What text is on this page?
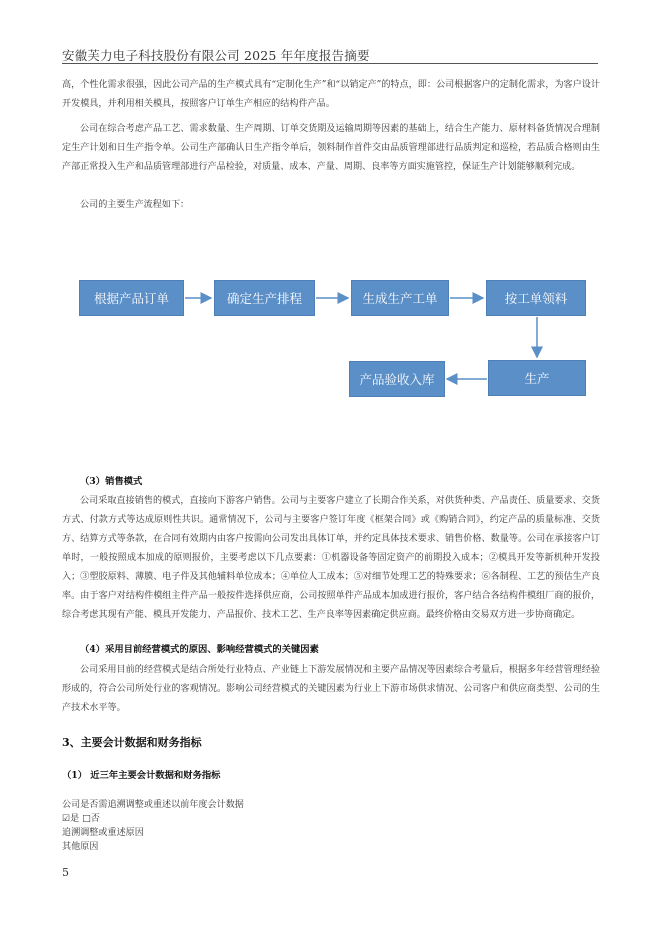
安徽芙力电子科技股份有限公司 2025 年年度报告摘要

高，个性化需求很强，因此公司产品的生产模式具有“定制化生产”和“以销定产”的特点，即：公司根据客户的定制化需求，为客户设计开发模具，并利用相关模具，按照客户订单生产相应的结构件产品。

公司在综合考虑产品工艺、需求数量、生产周期、订单交货期及运输周期等因素的基础上，结合生产能力、原材料备货情况合理制定生产计划和日生产指令单。公司生产部确认日生产指令单后，领料制作首件交由品质管理部进行品质判定和巡检，若品质合格则由生产部正常投入生产和品质管理部进行产品检验，对质量、成本、产量、周期、良率等方面实施管控，保证生产计划能够顺利完成。

公司的主要生产流程如下：

根据产品订单	确定生产排程	生成生产工单	按工单领料
生产
产品验收入库
（3）销售模式

公司采取直接销售的模式，直接向下游客户销售。公司与主要客户建立了长期合作关系，对供货种类、产品责任、质量要求、交货方式、付款方式等达成原则性共识。通常情况下，公司与主要客户签订年度《框架合同》或《购销合同》，约定产品的质量标准、交货方、结算方式等条款，在合同有效期内由客户按需向公司发出具体订单，并约定具体技术要求、销售价格、数量等。公司在承接客户订单时，一般按照成本加成的原则报价，主要考虑以下几点要素：①机器设备等固定资产的前期投入成本；②模具开发等新机种开发投入；③塑胶原料、薄膜、电子件及其他辅料单位成本；④单位人工成本；⑤对细节处理工艺的特殊要求；⑥各制程、工艺的预估生产良率。由于客户对结构件模组主件产品一般按件选择供应商，公司按照单件产品成本加成进行报价，客户结合各结构件模组厂商的报价，综合考虑其现有产能、模具开发能力、产品报价、技术工艺、生产良率等因素确定供应商。最终价格由交易双方进一步协商确定。

（4）采用目前经营模式的原因、影响经营模式的关键因素

公司采用目前的经营模式是结合所处行业特点、产业链上下游发展情况和主要产品情况等因素综合考量后，根据多年经营管理经验形成的，符合公司所处行业的客观情况。影响公司经营模式的关键因素为行业上下游市场供求情况、公司客户和供应商类型、公司的生产技术水平等。

3、主要会计数据和财务指标
（1） 近三年主要会计数据和财务指标
公司是否需追溯调整或重述以前年度会计数据
☑是 □否
追溯调整或重述原因
其他原因
5
